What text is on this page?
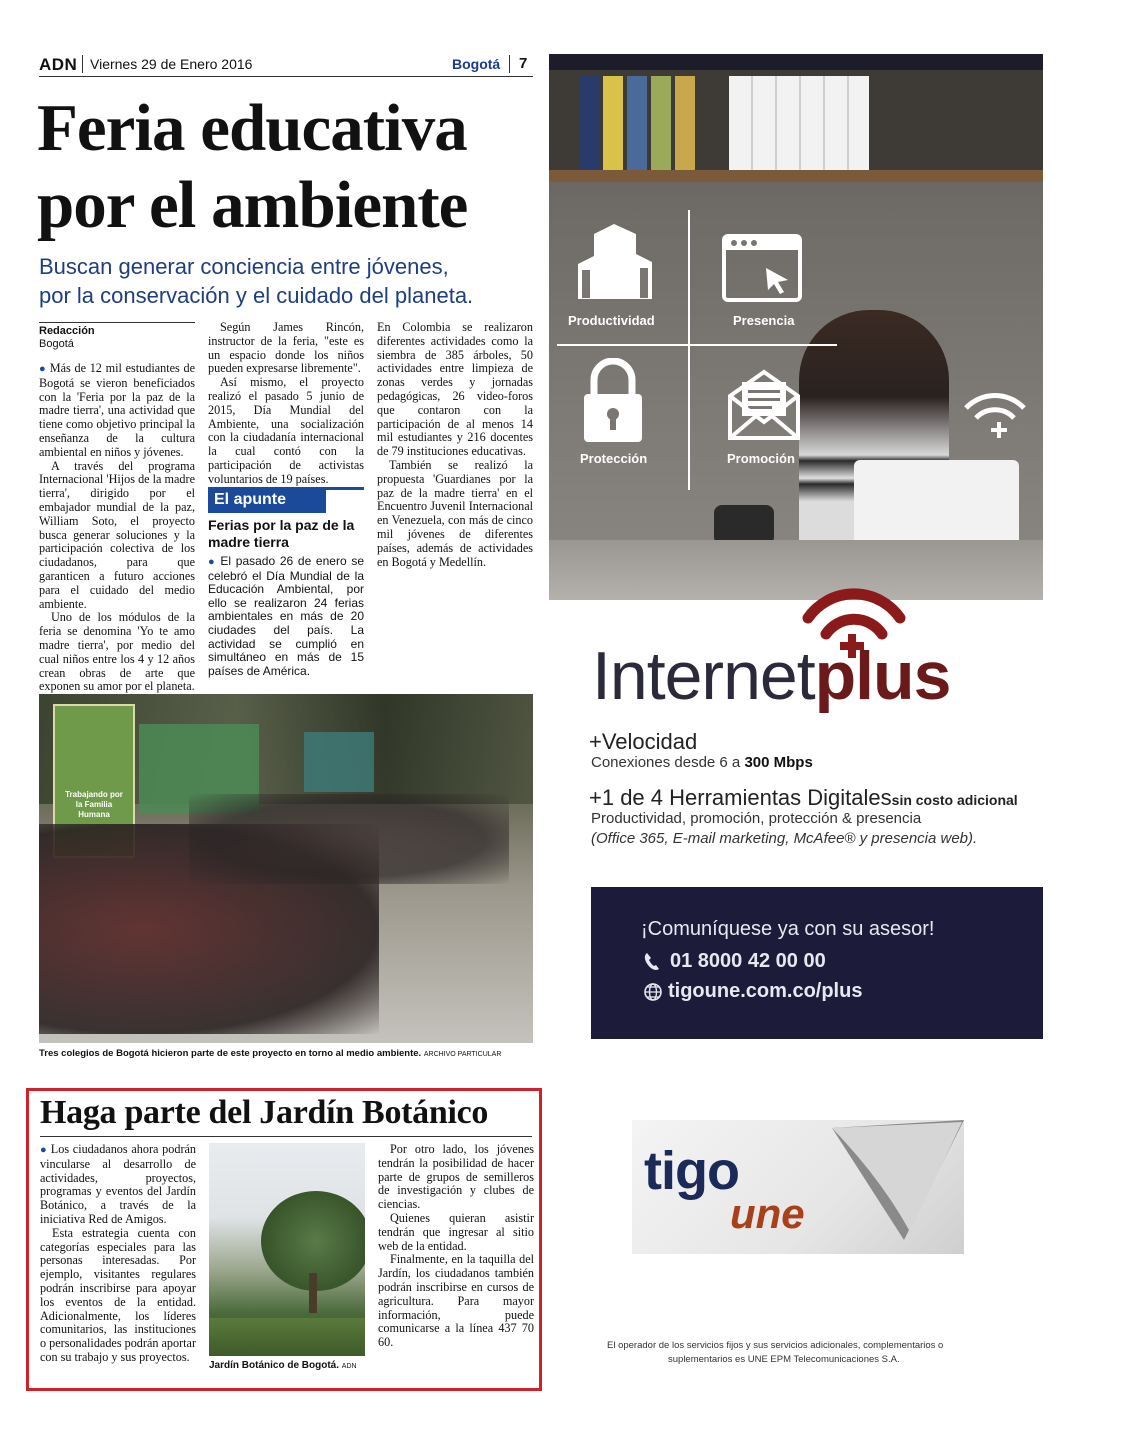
ADN Viernes 29 de Enero 2016	Bogotá 7
Feria educativa
por el ambiente
Buscan generar conciencia entre jóvenes,
por la conservación y el cuidado del planeta.
Redacción
Bogotá

● Más de 12 mil estudiantes de Bogotá se vieron beneficiados con la 'Feria por la paz de la madre tierra', una actividad que tiene como objetivo principal la enseñanza de la cultura ambiental en niños y jóvenes.

A través del programa Internacional 'Hijos de la madre tierra', dirigido por el embajador mundial de la paz, William Soto, el proyecto busca generar soluciones y la participación colectiva de los ciudadanos, para que garanticen a futuro acciones para el cuidado del medio ambiente.

Uno de los módulos de la feria se denomina 'Yo te amo madre tierra', por medio del cual niños entre los 4 y 12 años crean obras de arte que exponen su amor por el planeta.

Según James Rincón, instructor de la feria, "este es un espacio donde los niños pueden expresarse libremente".

Así mismo, el proyecto realizó el pasado 5 junio de 2015, Día Mundial del Ambiente, una socialización con la ciudadanía internacional la cual contó con la participación de activistas voluntarios de 19 países.

El apunte
Ferias por la paz de la madre tierra
● El pasado 26 de enero se celebró el Día Mundial de la Educación Ambiental, por ello se realizaron 24 ferias ambientales en más de 20 ciudades del país. La actividad se cumplió en simultáneo en más de 15 países de América.

En Colombia se realizaron diferentes actividades como la siembra de 385 árboles, 50 actividades entre limpieza de zonas verdes y jornadas pedagógicas, 26 video-foros que contaron con la participación de al menos 14 mil estudiantes y 216 docentes de 79 instituciones educativas.

También se realizó la propuesta 'Guardianes por la paz de la madre tierra' en el Encuentro Juvenil Internacional en Venezuela, con más de cinco mil jóvenes de diferentes países, además de actividades en Bogotá y Medellín.

Trabajando por la Familia Humana
Tres colegios de Bogotá hicieron parte de este proyecto en torno al medio ambiente. ARCHIVO PARTICULAR
Haga parte del Jardín Botánico

● Los ciudadanos ahora podrán vincularse al desarrollo de actividades, proyectos, programas y eventos del Jardín Botánico, a través de la iniciativa Red de Amigos.

Esta estrategia cuenta con categorías especiales para las personas interesadas. Por ejemplo, visitantes regulares podrán inscribirse para apoyar los eventos de la entidad. Adicionalmente, los líderes comunitarios, las instituciones o personalidades podrán aportar con su trabajo y sus proyectos.

Jardín Botánico de Bogotá. ADN

Por otro lado, los jóvenes tendrán la posibilidad de hacer parte de grupos de semilleros de investigación y clubes de ciencias.

Quienes quieran asistir tendrán que ingresar al sitio web de la entidad.

Finalmente, en la taquilla del Jardín, los ciudadanos también podrán inscribirse en cursos de agricultura. Para mayor información, puede comunicarse a la línea 437 70 60.

Productividad	Presencia
Protección	Promoción
Internetplus
+Velocidad
Conexiones desde 6 a 300 Mbps
+1 de 4 Herramientas Digitalessin costo adicional
Productividad, promoción, protección & presencia
(Office 365, E-mail marketing, McAfee® y presencia web).
¡Comuníquese ya con su asesor!
01 8000 42 00 00
tigoune.com.co/plus
tigo
une
El operador de los servicios fijos y sus servicios adicionales, complementarios o
suplementarios es UNE EPM Telecomunicaciones S.A.
